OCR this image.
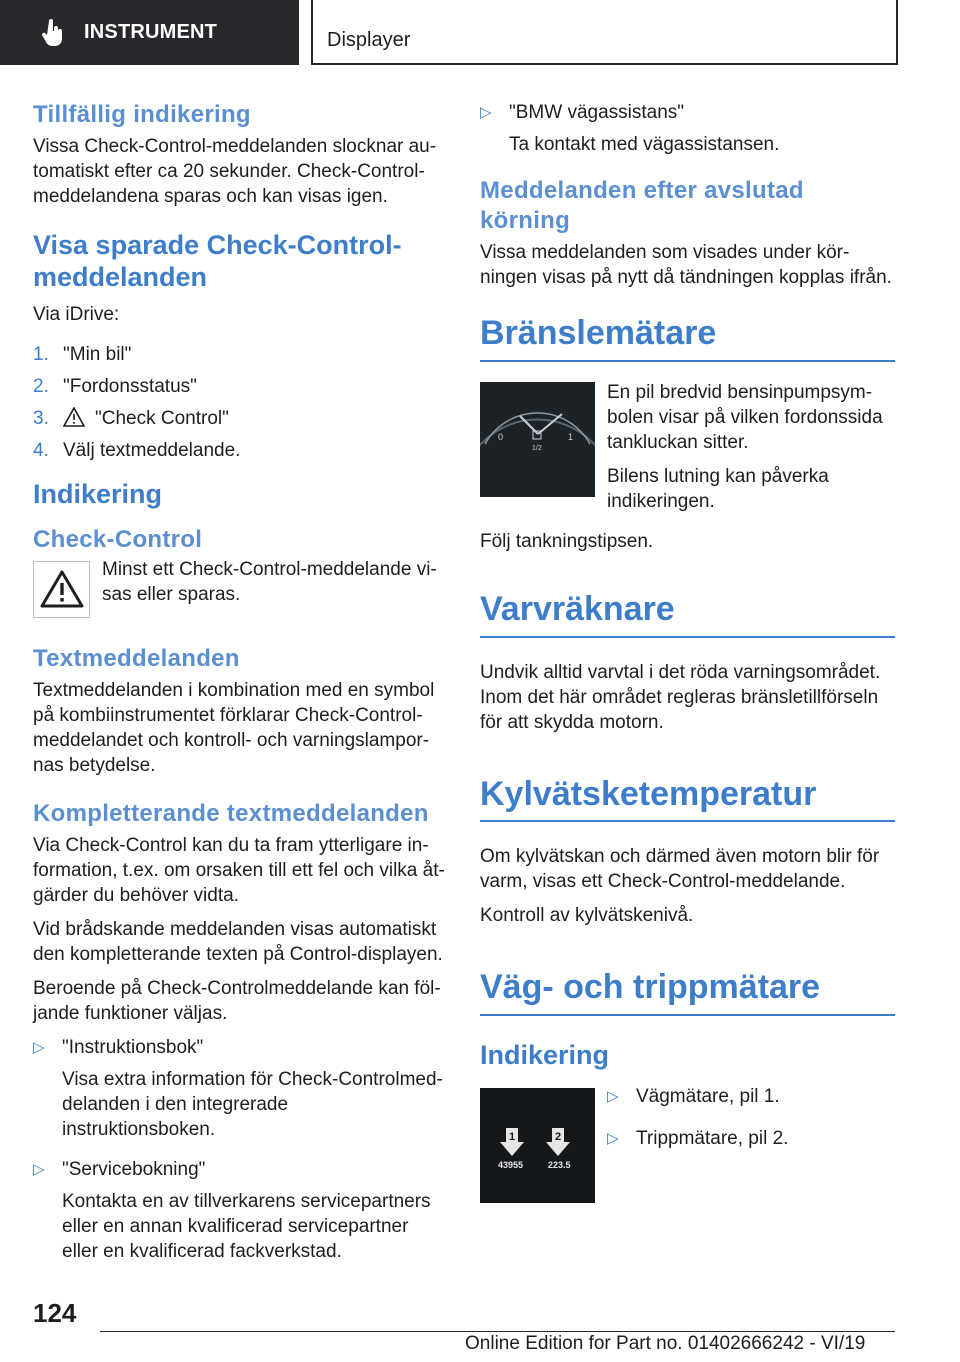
INSTRUMENT	Displayer
Tillfällig indikering

Vissa Check-Control-meddelanden slocknar automatiskt efter ca 20 sekunder. Check-Control-meddelandena sparas och kan visas igen.

Visa sparade Check-Control-meddelanden

Via iDrive:

1. "Min bil"
2. "Fordonsstatus"
3.	"Check Control"
4. Välj textmeddelande.
Indikering
Check-Control

Minst ett Check-Control-meddelande visas eller sparas.

Textmeddelanden

Textmeddelanden i kombination med en symbol på kombiinstrumentet förklarar Check-Control-meddelandet och kontroll- och varningslampornas betydelse.

Kompletterande textmeddelanden

Via Check-Control kan du ta fram ytterligare information, t.ex. om orsaken till ett fel och vilka åtgärder du behöver vidta.

Vid brådskande meddelanden visas automatiskt den kompletterande texten på Control-displayen.

Beroende på Check-Controlmeddelande kan följande funktioner väljas.

▷ "Instruktionsbok"

Visa extra information för Check-Controlmeddelanden i den integrerade instruktionsboken.

▷ "Servicebokning"

Kontakta en av tillverkarens servicepartners eller en annan kvalificerad servicepartner eller en kvalificerad fackverkstad.

▷ "BMW vägassistans"

Ta kontakt med vägassistansen.

Meddelanden efter avslutad körning

Vissa meddelanden som visades under körningen visas på nytt då tändningen kopplas ifrån.

Bränslemätare
0
1/2
1

En pil bredvid bensinpumpsymbolen visar på vilken fordonssida tankluckan sitter.

Bilens lutning kan påverka indikeringen.

Följ tankningstipsen.

Varvräknare

Undvik alltid varvtal i det röda varningsområdet. Inom det här området regleras bränsletillförseln för att skydda motorn.

Kylvätsketemperatur

Om kylvätskan och därmed även motorn blir för varm, visas ett Check-Control-meddelande.

Kontroll av kylvätskenivå.

Väg- och trippmätare
Indikering
1	2
43955	223.5
▷ Vägmätare, pil 1.

▷ Trippmätare, pil 2.

124
Online Edition for Part no. 01402666242 - VI/19
